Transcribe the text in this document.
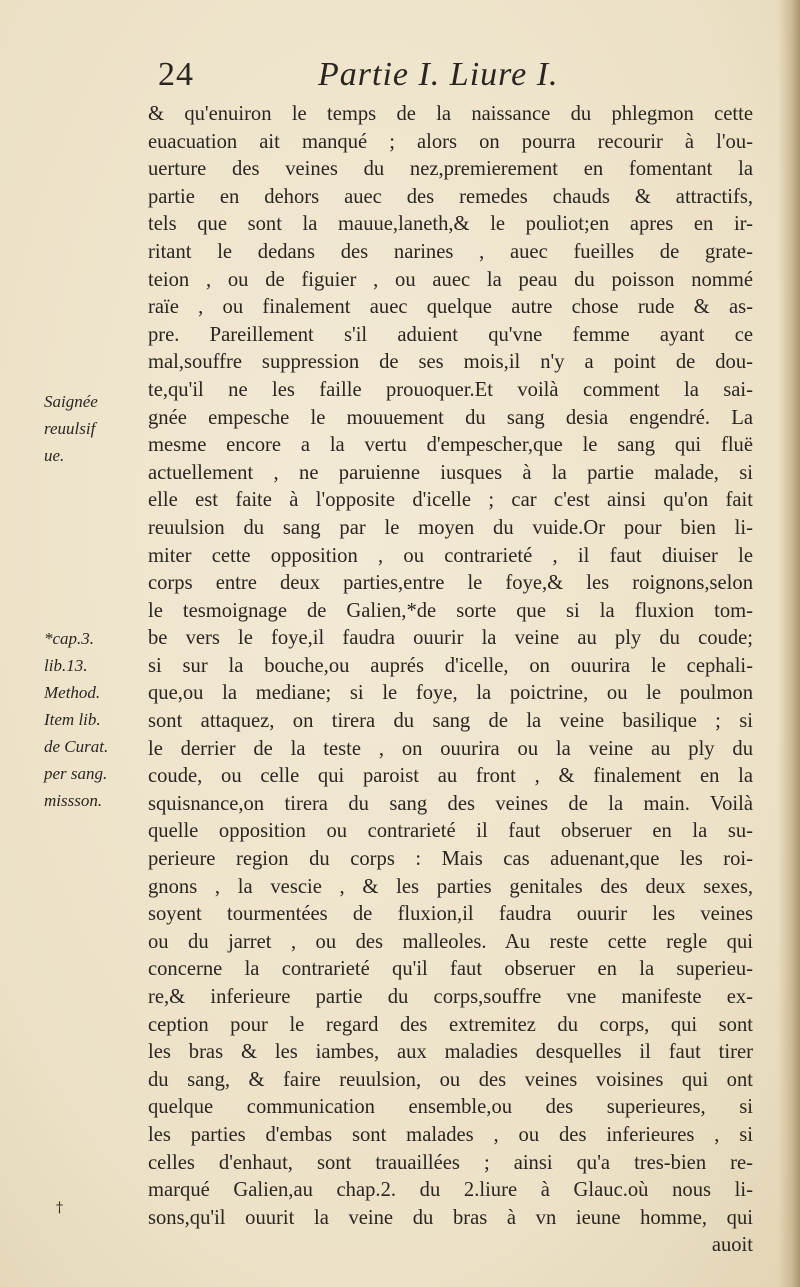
24	Partie I. Liure I.
Saignée
reuulsif
ue.
*cap.3.
lib.13.
Method.
Item lib.
de Curat.
per sang.
missson.
†
& qu'enuiron le temps de la naissance du phlegmon cette
euacuation ait manqué ; alors on pourra recourir à l'ou-
uerture des veines du nez,premierement en fomentant la
partie en dehors auec des remedes chauds & attractifs,
tels que sont la mauue,laneth,& le pouliot;en apres en ir-
ritant le dedans des narines , auec fueilles de grate-
teion , ou de figuier , ou auec la peau du poisson nommé
raïe , ou finalement auec quelque autre chose rude & as-
pre. Pareillement s'il aduient qu'vne femme ayant ce
mal,souffre suppression de ses mois,il n'y a point de dou-
te,qu'il ne les faille prouoquer.Et voilà comment la sai-
gnée empesche le mouuement du sang desia engendré. La
mesme encore a la vertu d'empescher,que le sang qui fluë
actuellement , ne paruienne iusques à la partie malade, si
elle est faite à l'opposite d'icelle ; car c'est ainsi qu'on fait
reuulsion du sang par le moyen du vuide.Or pour bien li-
miter cette opposition , ou contrarieté , il faut diuiser le
corps entre deux parties,entre le foye,& les roignons,selon
le tesmoignage de Galien,*de sorte que si la fluxion tom-
be vers le foye,il faudra ouurir la veine au ply du coude;
si sur la bouche,ou auprés d'icelle, on ouurira le cephali-
que,ou la mediane; si le foye, la poictrine, ou le poulmon
sont attaquez, on tirera du sang de la veine basilique ; si
le derrier de la teste , on ouurira ou la veine au ply du
coude, ou celle qui paroist au front , & finalement en la
squisnance,on tirera du sang des veines de la main. Voilà
quelle opposition ou contrarieté il faut obseruer en la su-
perieure region du corps : Mais cas aduenant,que les roi-
gnons , la vescie , & les parties genitales des deux sexes,
soyent tourmentées de fluxion,il faudra ouurir les veines
ou du jarret , ou des malleoles. Au reste cette regle qui
concerne la contrarieté qu'il faut obseruer en la superieu-
re,& inferieure partie du corps,souffre vne manifeste ex-
ception pour le regard des extremitez du corps, qui sont
les bras & les iambes, aux maladies desquelles il faut tirer
du sang, & faire reuulsion, ou des veines voisines qui ont
quelque communication ensemble,ou des superieures, si
les parties d'embas sont malades , ou des inferieures , si
celles d'enhaut, sont trauaillées ; ainsi qu'a tres-bien re-
marqué Galien,au chap.2. du 2.liure à Glauc.où nous li-
sons,qu'il ouurit la veine du bras à vn ieune homme, qui
auoit
